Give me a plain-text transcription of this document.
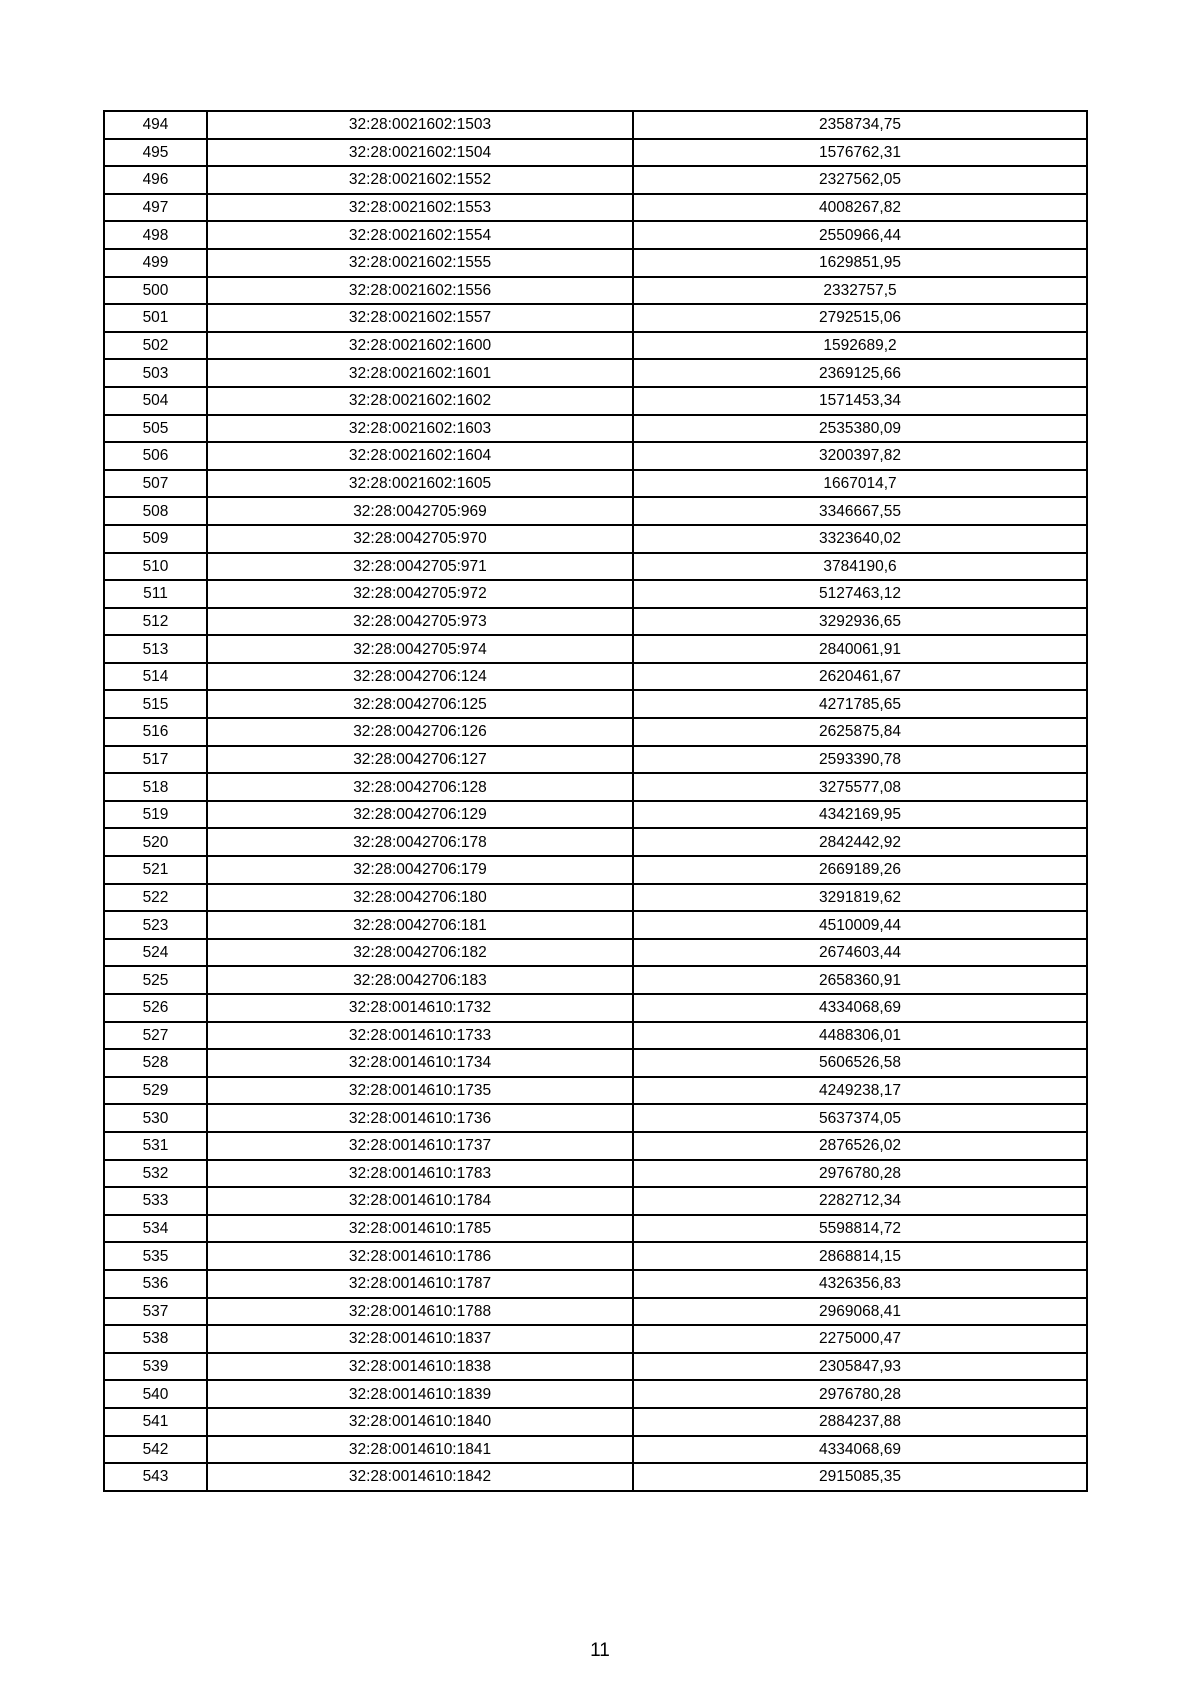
494	32:28:0021602:1503	2358734,75
495	32:28:0021602:1504	1576762,31
496	32:28:0021602:1552	2327562,05
497	32:28:0021602:1553	4008267,82
498	32:28:0021602:1554	2550966,44
499	32:28:0021602:1555	1629851,95
500	32:28:0021602:1556	2332757,5
501	32:28:0021602:1557	2792515,06
502	32:28:0021602:1600	1592689,2
503	32:28:0021602:1601	2369125,66
504	32:28:0021602:1602	1571453,34
505	32:28:0021602:1603	2535380,09
506	32:28:0021602:1604	3200397,82
507	32:28:0021602:1605	1667014,7
508	32:28:0042705:969	3346667,55
509	32:28:0042705:970	3323640,02
510	32:28:0042705:971	3784190,6
511	32:28:0042705:972	5127463,12
512	32:28:0042705:973	3292936,65
513	32:28:0042705:974	2840061,91
514	32:28:0042706:124	2620461,67
515	32:28:0042706:125	4271785,65
516	32:28:0042706:126	2625875,84
517	32:28:0042706:127	2593390,78
518	32:28:0042706:128	3275577,08
519	32:28:0042706:129	4342169,95
520	32:28:0042706:178	2842442,92
521	32:28:0042706:179	2669189,26
522	32:28:0042706:180	3291819,62
523	32:28:0042706:181	4510009,44
524	32:28:0042706:182	2674603,44
525	32:28:0042706:183	2658360,91
526	32:28:0014610:1732	4334068,69
527	32:28:0014610:1733	4488306,01
528	32:28:0014610:1734	5606526,58
529	32:28:0014610:1735	4249238,17
530	32:28:0014610:1736	5637374,05
531	32:28:0014610:1737	2876526,02
532	32:28:0014610:1783	2976780,28
533	32:28:0014610:1784	2282712,34
534	32:28:0014610:1785	5598814,72
535	32:28:0014610:1786	2868814,15
536	32:28:0014610:1787	4326356,83
537	32:28:0014610:1788	2969068,41
538	32:28:0014610:1837	2275000,47
539	32:28:0014610:1838	2305847,93
540	32:28:0014610:1839	2976780,28
541	32:28:0014610:1840	2884237,88
542	32:28:0014610:1841	4334068,69
543	32:28:0014610:1842	2915085,35
11
